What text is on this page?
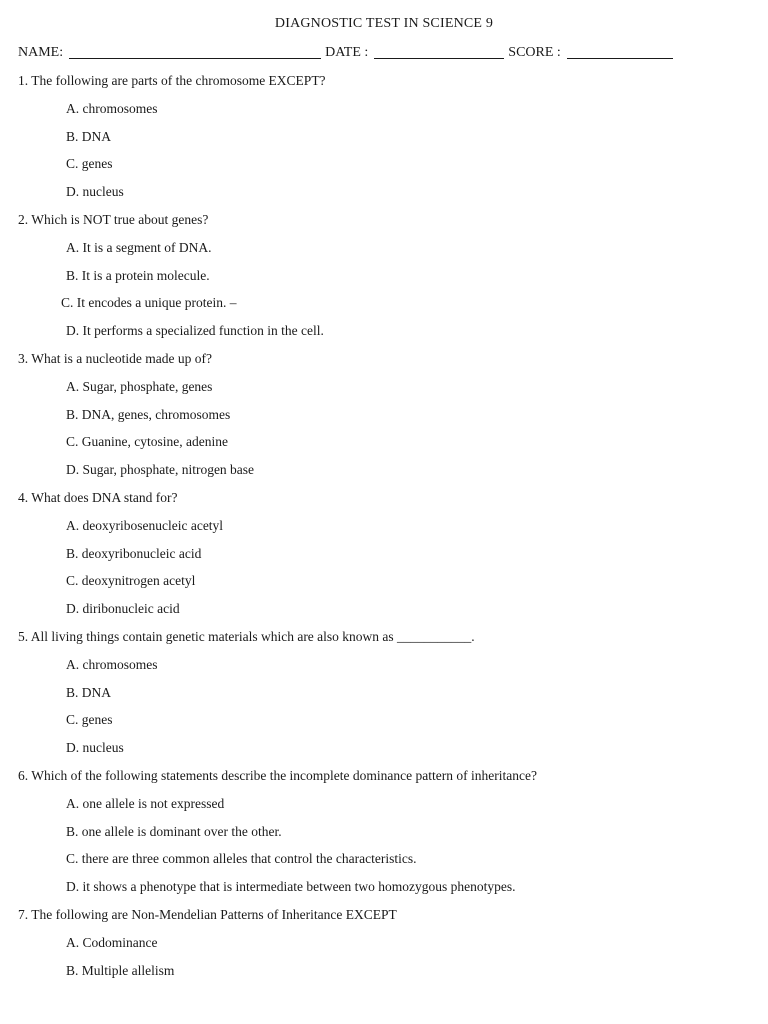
DIAGNOSTIC TEST IN SCIENCE 9
NAME:	DATE :	SCORE :
1. The following are parts of the chromosome EXCEPT?
A. chromosomes
B. DNA
C. genes
D. nucleus
2. Which is NOT true about genes?
A. It is a segment of DNA.
B. It is a protein molecule.
C. It encodes a unique protein. –
D. It performs a specialized function in the cell.
3. What is a nucleotide made up of?
A. Sugar, phosphate, genes
B. DNA, genes, chromosomes
C. Guanine, cytosine, adenine
D. Sugar, phosphate, nitrogen base
4. What does DNA stand for?
A. deoxyribosenucleic acetyl
B. deoxyribonucleic acid
C. deoxynitrogen acetyl
D. diribonucleic acid
5. All living things contain genetic materials which are also known as ___________.
A. chromosomes
B. DNA
C. genes
D. nucleus
6. Which of the following statements describe the incomplete dominance pattern of inheritance?
A. one allele is not expressed
B. one allele is dominant over the other.
C. there are three common alleles that control the characteristics.
D. it shows a phenotype that is intermediate between two homozygous phenotypes.
7. The following are Non-Mendelian Patterns of Inheritance EXCEPT
A. Codominance
B. Multiple allelism
